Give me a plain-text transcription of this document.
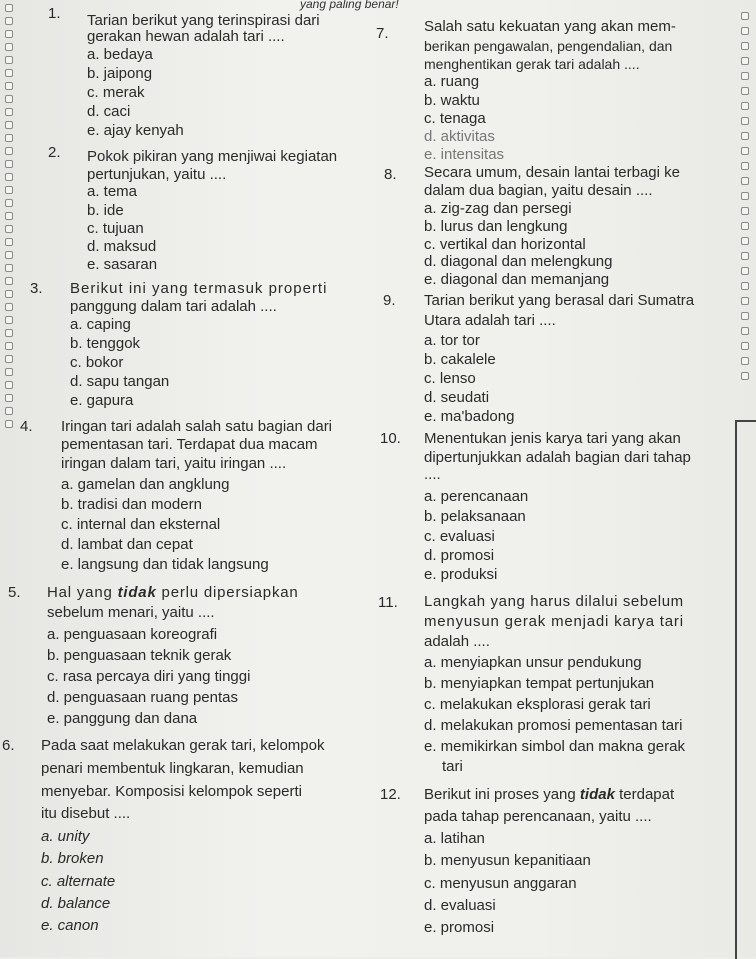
yang paling benar!
1. Tarian berikut yang terinspirasi dari
gerakan hewan adalah tari ....
a. bedaya
b. jaipong
c. merak
d. caci
e. ajay kenyah
2. Pokok pikiran yang menjiwai kegiatan
pertunjukan, yaitu ....
a. tema
b. ide
c. tujuan
d. maksud
e. sasaran
3. Berikut ini yang termasuk properti
panggung dalam tari adalah ....
a. caping
b. tenggok
c. bokor
d. sapu tangan
e. gapura
4. Iringan tari adalah salah satu bagian dari
pementasan tari. Terdapat dua macam
iringan dalam tari, yaitu iringan ....
a. gamelan dan angklung
b. tradisi dan modern
c. internal dan eksternal
d. lambat dan cepat
e. langsung dan tidak langsung
5. Hal yang tidak perlu dipersiapkan
sebelum menari, yaitu ....
a. penguasaan koreografi
b. penguasaan teknik gerak
c. rasa percaya diri yang tinggi
d. penguasaan ruang pentas
e. panggung dan dana
6. Pada saat melakukan gerak tari, kelompok
penari membentuk lingkaran, kemudian
menyebar. Komposisi kelompok seperti
itu disebut ....
a. unity
b. broken
c. alternate
d. balance
e. canon
7. Salah satu kekuatan yang akan mem-
berikan pengawalan, pengendalian, dan
menghentikan gerak tari adalah ....
a. ruang
b. waktu
c. tenaga
d. aktivitas
e. intensitas
8. Secara umum, desain lantai terbagi ke
dalam dua bagian, yaitu desain ....
a. zig-zag dan persegi
b. lurus dan lengkung
c. vertikal dan horizontal
d. diagonal dan melengkung
e. diagonal dan memanjang
9. Tarian berikut yang berasal dari Sumatra
Utara adalah tari ....
a. tor tor
b. cakalele
c. lenso
d. seudati
e. ma'badong
10. Menentukan jenis karya tari yang akan
dipertunjukkan adalah bagian dari tahap
....
a. perencanaan
b. pelaksanaan
c. evaluasi
d. promosi
e. produksi
11. Langkah yang harus dilalui sebelum
menyusun gerak menjadi karya tari
adalah ....
a. menyiapkan unsur pendukung
b. menyiapkan tempat pertunjukan
c. melakukan eksplorasi gerak tari
d. melakukan promosi pementasan tari
e. memikirkan simbol dan makna gerak
tari
12. Berikut ini proses yang tidak terdapat
pada tahap perencanaan, yaitu ....
a. latihan
b. menyusun kepanitiaan
c. menyusun anggaran
d. evaluasi
e. promosi
